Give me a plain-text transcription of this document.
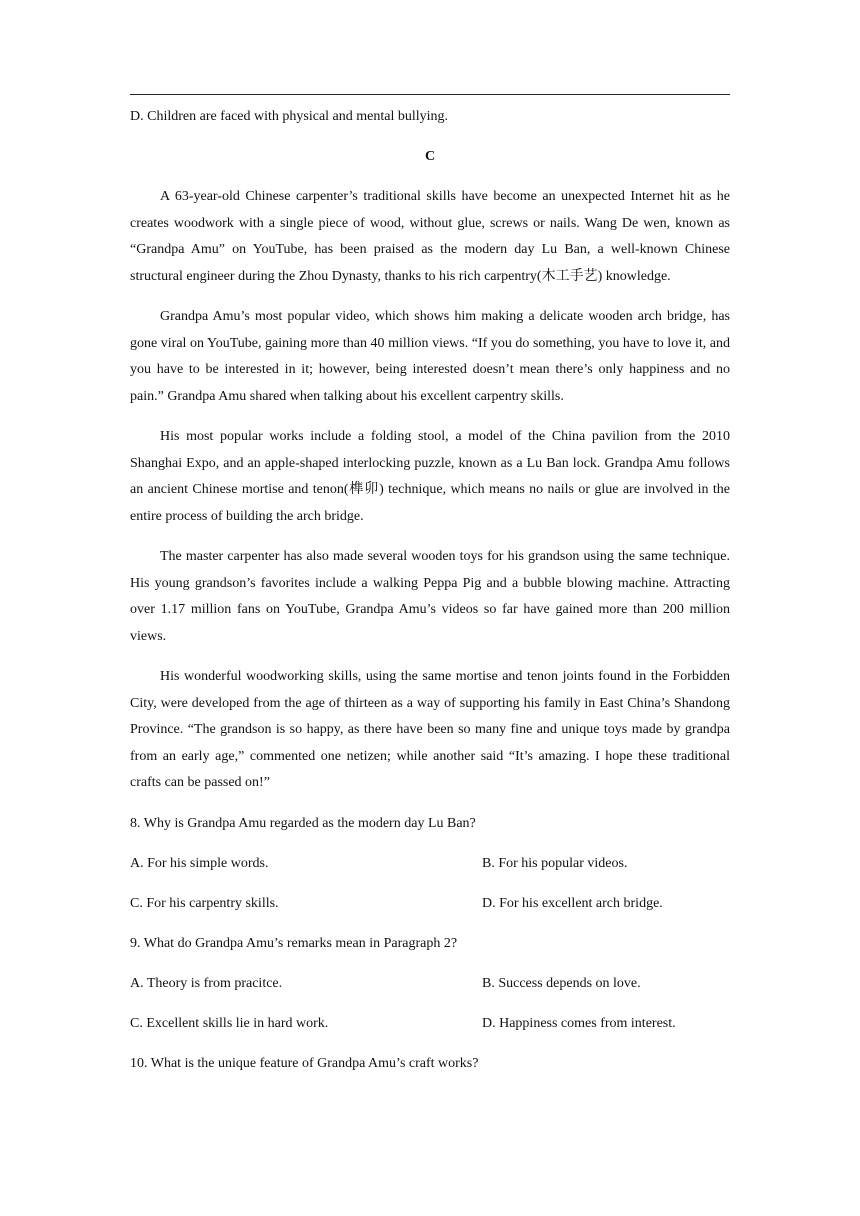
D. Children are faced with physical and mental bullying.

C

A 63-year-old Chinese carpenter’s traditional skills have become an unexpected Internet hit as he creates woodwork with a single piece of wood, without glue, screws or nails. Wang De wen, known as “Grandpa Amu” on YouTube, has been praised as the modern day Lu Ban, a well-known Chinese structural engineer during the Zhou Dynasty, thanks to his rich carpentry(木工手艺) knowledge.

Grandpa Amu’s most popular video, which shows him making a delicate wooden arch bridge, has gone viral on YouTube, gaining more than 40 million views. “If you do something, you have to love it, and you have to be interested in it; however, being interested doesn’t mean there’s only happiness and no pain.” Grandpa Amu shared when talking about his excellent carpentry skills.

His most popular works include a folding stool, a model of the China pavilion from the 2010 Shanghai Expo, and an apple-shaped interlocking puzzle, known as a Lu Ban lock. Grandpa Amu follows an ancient Chinese mortise and tenon(榫卯) technique, which means no nails or glue are involved in the entire process of building the arch bridge.

The master carpenter has also made several wooden toys for his grandson using the same technique. His young grandson’s favorites include a walking Peppa Pig and a bubble blowing machine. Attracting over 1.17 million fans on YouTube, Grandpa Amu’s videos so far have gained more than 200 million views.

His wonderful woodworking skills, using the same mortise and tenon joints found in the Forbidden City, were developed from the age of thirteen as a way of supporting his family in East China’s Shandong Province. “The grandson is so happy, as there have been so many fine and unique toys made by grandpa from an early age,” commented one netizen; while another said “It’s amazing. I hope these traditional crafts can be passed on!”

8. Why is Grandpa Amu regarded as the modern day Lu Ban?

A. For his simple words.	B. For his popular videos.
C. For his carpentry skills.	D. For his excellent arch bridge.

9. What do Grandpa Amu’s remarks mean in Paragraph 2?

A. Theory is from pracitce.	B. Success depends on love.
C. Excellent skills lie in hard work.	D. Happiness comes from interest.

10. What is the unique feature of Grandpa Amu’s craft works?
